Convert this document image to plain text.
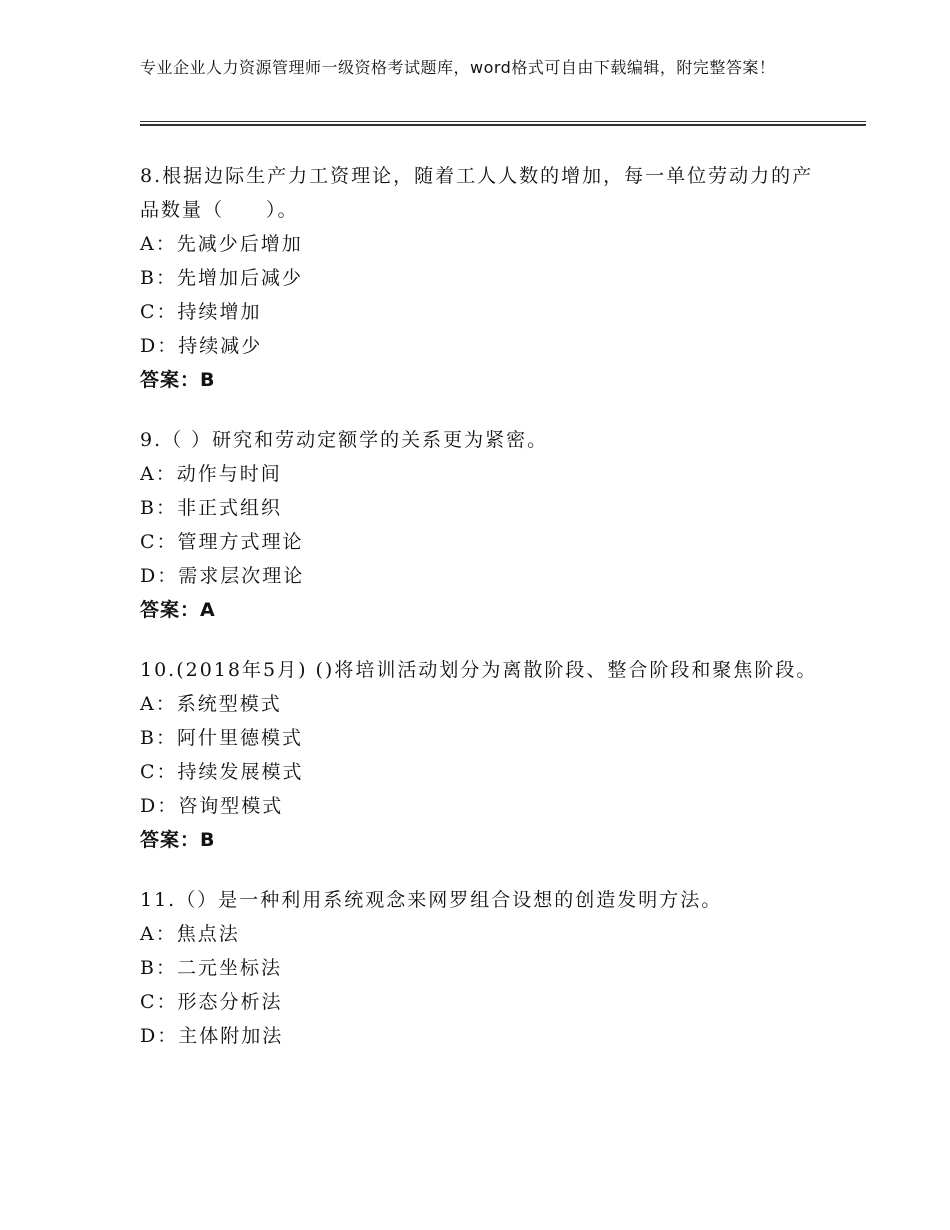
专业企业人力资源管理师一级资格考试题库，word格式可自由下载编辑，附完整答案！
8.根据边际生产力工资理论，随着工人人数的增加，每一单位劳动力的产品数量（　　）。
A：先减少后增加
B：先增加后减少
C：持续增加
D：持续减少
答案：B
9.（ ）研究和劳动定额学的关系更为紧密。
A：动作与时间
B：非正式组织
C：管理方式理论
D：需求层次理论
答案：A
10.(2018年5月) ()将培训活动划分为离散阶段、整合阶段和聚焦阶段。
A：系统型模式
B：阿什里德模式
C：持续发展模式
D：咨询型模式
答案：B
11.（）是一种利用系统观念来网罗组合设想的创造发明方法。
A：焦点法
B：二元坐标法
C：形态分析法
D：主体附加法
